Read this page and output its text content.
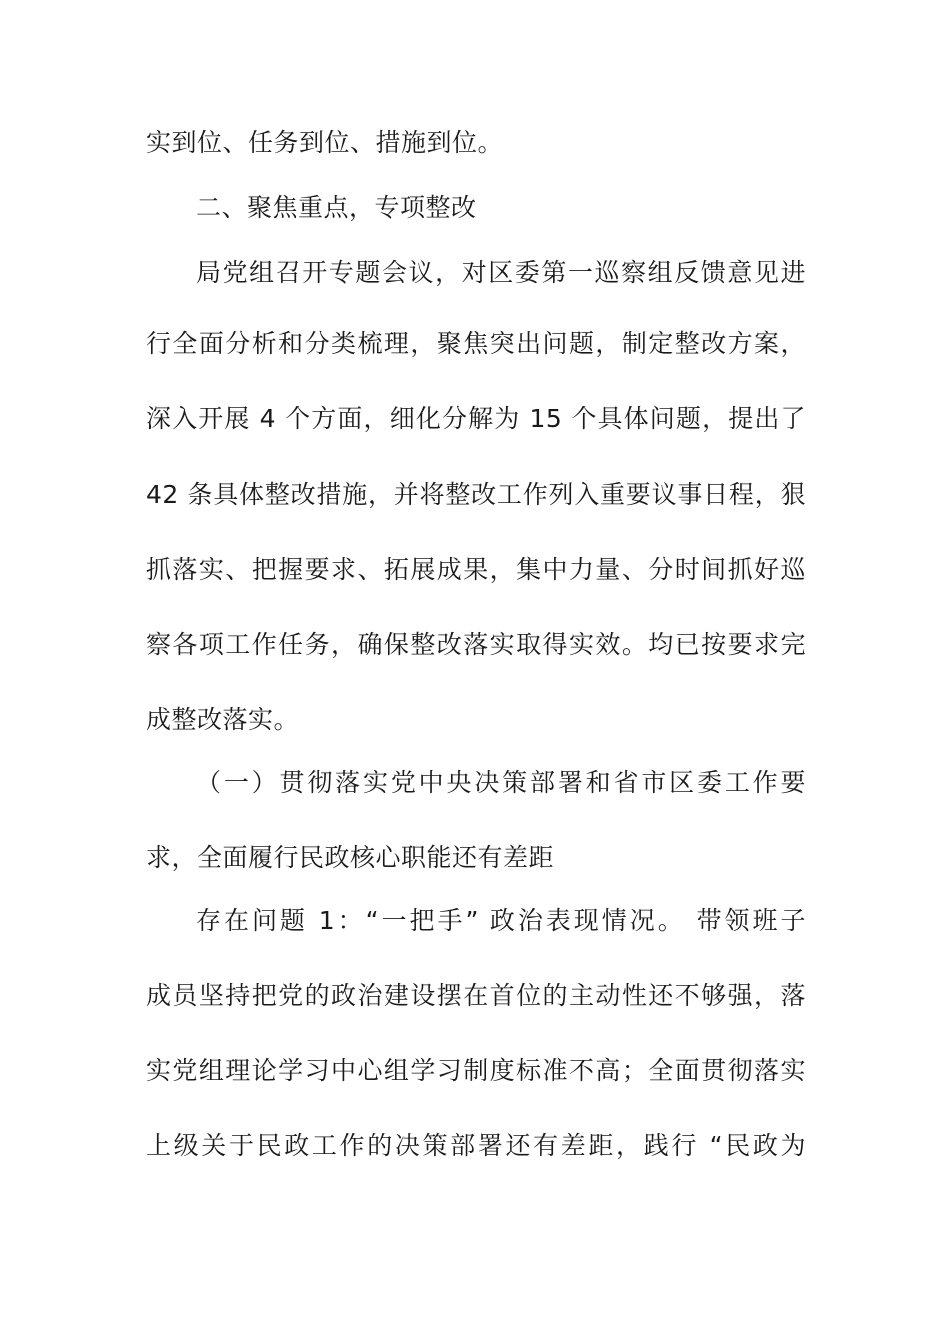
实到位、任务到位、措施到位。
二、聚焦重点，专项整改
局党组召开专题会议，对区委第一巡察组反馈意见进
行全面分析和分类梳理，聚焦突出问题，制定整改方案，
深入开展 4 个方面，细化分解为 15 个具体问题，提出了
42 条具体整改措施，并将整改工作列入重要议事日程，狠
抓落实、把握要求、拓展成果，集中力量、分时间抓好巡
察各项工作任务，确保整改落实取得实效。均已按要求完
成整改落实。
（一）贯彻落实党中央决策部署和省市区委工作要
求，全面履行民政核心职能还有差距
存在问题 1：“一把手” 政治表现情况。 带领班子
成员坚持把党的政治建设摆在首位的主动性还不够强，落
实党组理论学习中心组学习制度标准不高；全面贯彻落实
上级关于民政工作的决策部署还有差距，践行 “民政为
